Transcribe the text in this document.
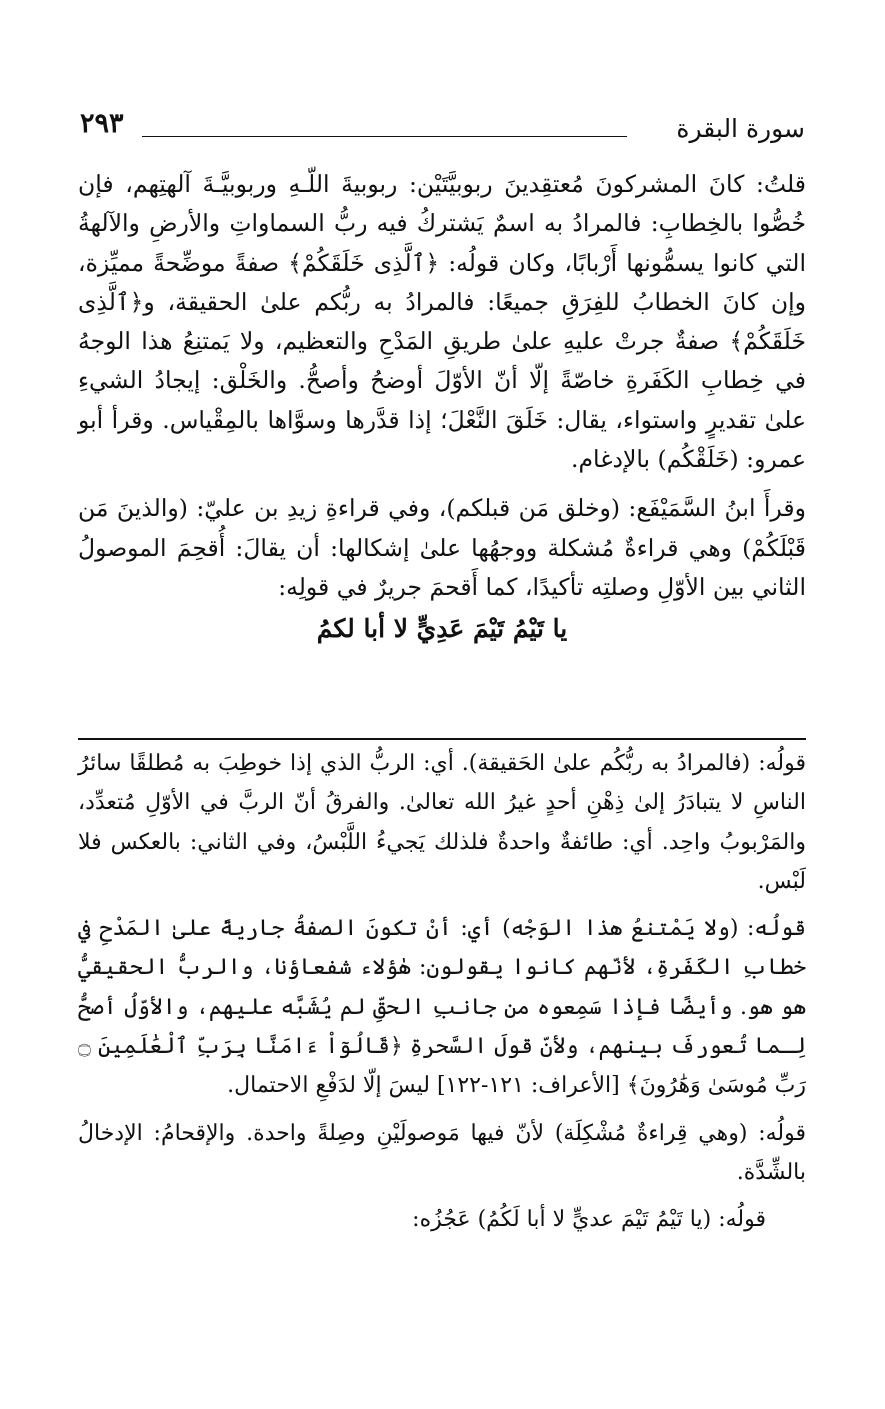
سورة البقرة
٢٩٣

قلتُ: كانَ المشركونَ مُعتقِدينَ ربوبيَّتَيْن: ربوبيةَ اللّـهِ وربوبيَّـةَ آلهتِهم، فإن خُصُّوا بالخِطابِ: فالمرادُ به اسمٌ يَشتركُ فيه ربُّ السماواتِ والأرضِ والآلهةُ التي كانوا يسمُّونها أَرْبابًا، وكان قولُه: ﴿ٱلَّذِى خَلَقَكُمْ﴾ صفةً موضِّحةً مميِّزة، وإن كانَ الخطابُ للفِرَقِ جميعًا: فالمرادُ به ربُّكم علىٰ الحقيقة، و﴿ٱلَّذِى خَلَقَكُمْ﴾ صفةٌ جرتْ عليهِ علىٰ طريقِ المَدْحِ والتعظيم، ولا يَمتنِعُ هذا الوجهُ في خِطابِ الكَفَرةِ خاصّةً إلّا أنّ الأوّلَ أوضحُ وأصحُّ. والخَلْق: إيجادُ الشيءِ علىٰ تقديرٍ واستواء، يقال: خَلَقَ النَّعْلَ؛ إذا قدَّرها وسوَّاها بالمِقْياس. وقرأ أبو عمرو: (خَلَقْكُم) بالإدغام.

وقرأَ ابنُ السَّمَيْفَع: (وخلق مَن قبلكم)، وفي قراءةِ زيدِ بن عليّ: (والذينَ مَن قَبْلَكُمْ) وهي قراءةٌ مُشكلة ووجهُها علىٰ إشكالها: أن يقالَ: أُقحِمَ الموصولُ الثاني بين الأوّلِ وصلتِه تأكيدًا، كما أَقحمَ جريرٌ في قولِه:

يا تَيْمُ تَيْمَ عَدِيٍّ لا أبا لكمُ

قولُه: (فالمرادُ به ربُّكُم علىٰ الحَقيقة). أي: الربُّ الذي إذا خوطِبَ به مُطلقًا سائرُ الناسِ لا يتبادَرُ إلىٰ ذِهْنِ أحدٍ غيرُ الله تعالىٰ. والفرقُ أنّ الربَّ في الأوّلِ مُتعدِّد، والمَرْبوبُ واحِد. أي: طائفةٌ واحدةٌ فلذلك يَجيءُ اللَّبْسُ، وفي الثاني: بالعكس فلا لَبْس.

قولُه: (ولا يَمْتنعُ هذا الوَجْه) أي: أنْ تكونَ الصفةُ جاريةً علىٰ المَدْحِ في خطابِ الكَفَرةِ، لأنّهم كانوا يقولون: هٰؤلاء شفعاؤنا، والربُّ الحقيقيُّ هو هو. وأيضًا فإذا سَمِعوه من جانبِ الحقِّ لم يُشَبَّه عليهم، والأوّلُ أصحُّ لِـما تُعورفَ بينهم، ولأنّ قولَ السَّحرةِ ﴿قَالُوٓاْ ءَامَنَّا بِرَبِّ ٱلْعَٰلَمِينَ ۝ رَبِّ مُوسَىٰ وَهَٰرُونَ﴾ [الأعراف: ١٢١-١٢٢] ليسَ إلّا لدَفْعِ الاحتمال.

قولُه: (وهي قِراءةٌ مُشْكِلَة) لأنّ فيها مَوصولَيْنِ وصِلةً واحدة. والإقحامُ: الإدخالُ بالشِّدَّة.

قولُه: (يا تَيْمُ تَيْمَ عديٍّ لا أبا لَكُمُ) عَجُزُه:
